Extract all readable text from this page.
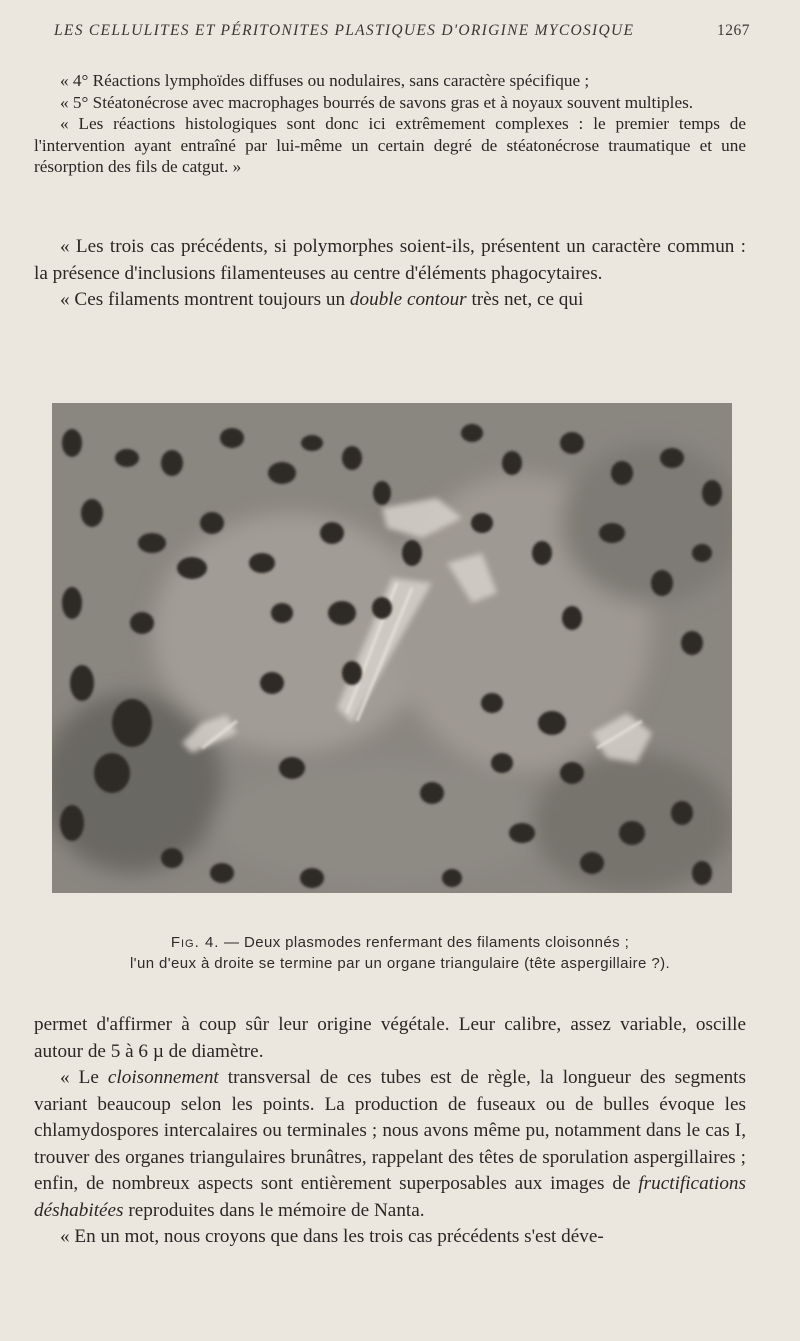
LES CELLULITES ET PÉRITONITES PLASTIQUES D'ORIGINE MYCOSIQUE	1267

« 4° Réactions lymphoïdes diffuses ou nodulaires, sans caractère spécifique ;

« 5° Stéatonécrose avec macrophages bourrés de savons gras et à noyaux souvent multiples.

« Les réactions histologiques sont donc ici extrêmement complexes : le premier temps de l'intervention ayant entraîné par lui-même un certain degré de stéatonécrose traumatique et une résorption des fils de catgut. »

« Les trois cas précédents, si polymorphes soient-ils, présentent un caractère commun : la présence d'inclusions filamenteuses au centre d'éléments phagocytaires.

« Ces filaments montrent toujours un double contour très net, ce qui

Fig. 4. — Deux plasmodes renfermant des filaments cloisonnés ;
l'un d'eux à droite se termine par un organe triangulaire (tête aspergillaire ?).

permet d'affirmer à coup sûr leur origine végétale. Leur calibre, assez variable, oscille autour de 5 à 6 µ de diamètre.

« Le cloisonnement transversal de ces tubes est de règle, la longueur des segments variant beaucoup selon les points. La production de fuseaux ou de bulles évoque les chlamydospores intercalaires ou terminales ; nous avons même pu, notamment dans le cas I, trouver des organes triangulaires brunâtres, rappelant des têtes de sporulation aspergillaires ; enfin, de nombreux aspects sont entièrement superposables aux images de fructifications déshabitées reproduites dans le mémoire de Nanta.

« En un mot, nous croyons que dans les trois cas précédents s'est déve-
